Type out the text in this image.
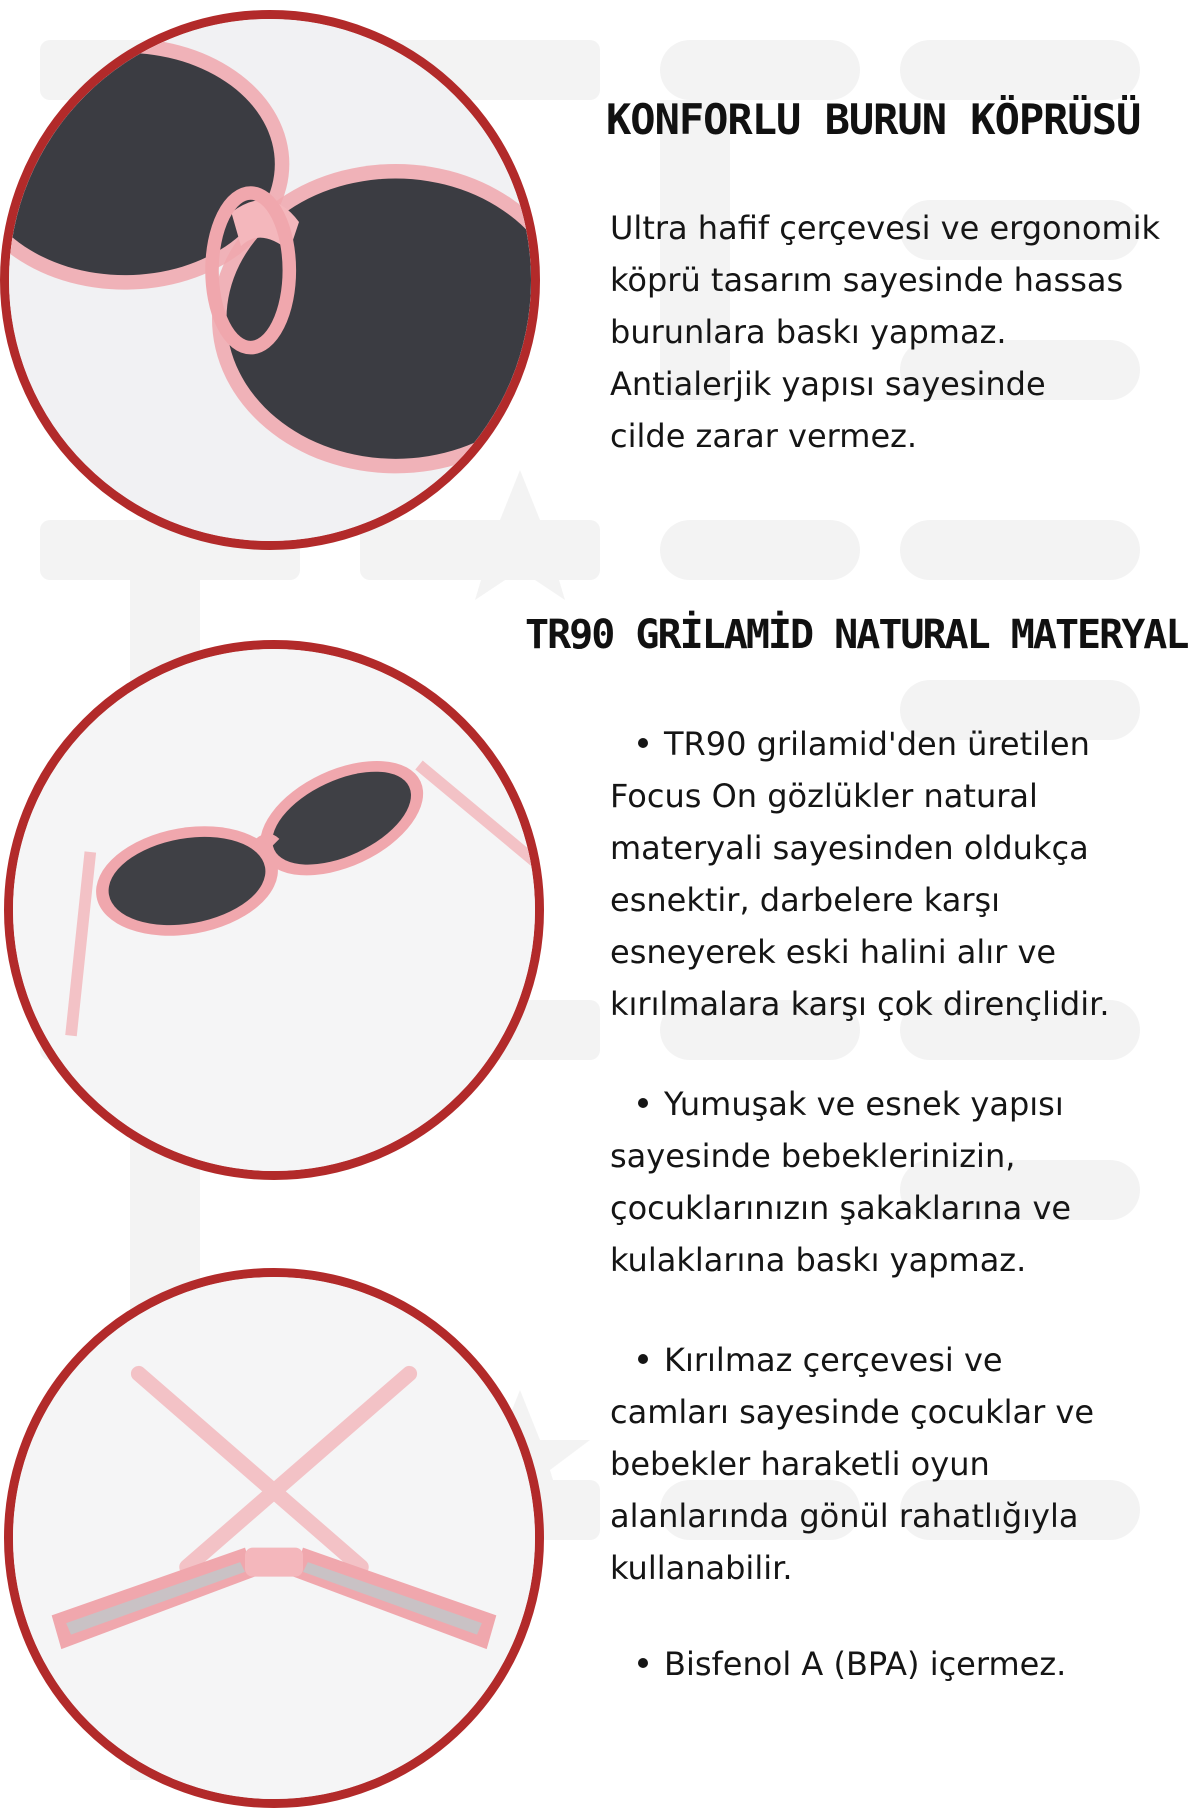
KONFORLU BURUN KÖPRÜSÜ
Ultra hafif çerçevesi ve ergonomik
köprü tasarım sayesinde hassas
burunlara baskı yapmaz.
Antialerjik yapısı sayesinde
cilde zarar vermez.
TR90 GRİLAMİD NATURAL MATERYAL
TR90 grilamid'den üretilen
Focus On gözlükler natural
materyali sayesinden oldukça
esnektir, darbelere karşı
esneyerek eski halini alır ve
kırılmalara karşı çok dirençlidir.
Yumuşak ve esnek yapısı
sayesinde bebeklerinizin,
çocuklarınızın şakaklarına ve
kulaklarına baskı yapmaz.
Kırılmaz çerçevesi ve
camları sayesinde çocuklar ve
bebekler haraketli oyun
alanlarında gönül rahatlığıyla
kullanabilir.
Bisfenol A (BPA) içermez.
